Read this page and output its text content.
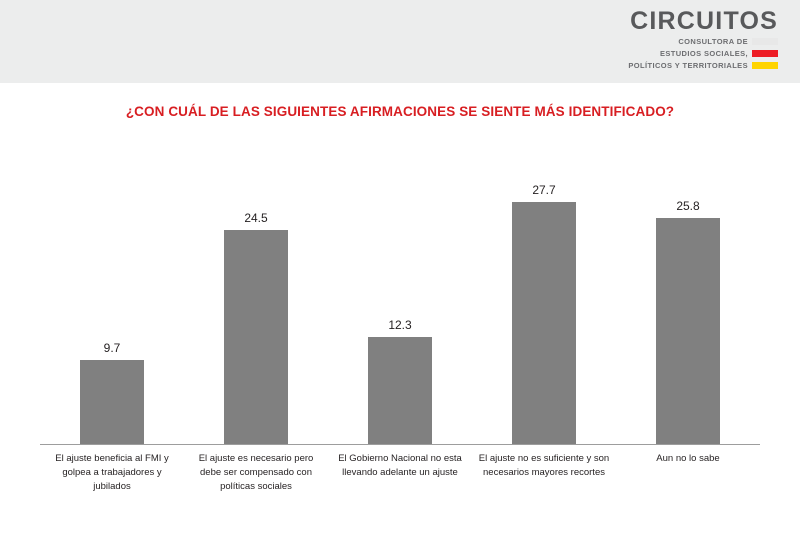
CIRCUITOS
CONSULTORA DE
ESTUDIOS SOCIALES,
POLÍTICOS Y TERRITORIALES
¿CON CUÁL DE LAS SIGUIENTES AFIRMACIONES SE SIENTE MÁS IDENTIFICADO?
9.7
24.5
12.3
27.7
25.8
El ajuste beneficia al FMI y golpea a trabajadores y jubilados
El ajuste es necesario pero debe ser compensado con políticas sociales
El Gobierno Nacional no esta llevando adelante un ajuste
El ajuste no es suficiente y son necesarios mayores recortes
Aun no lo sabe
